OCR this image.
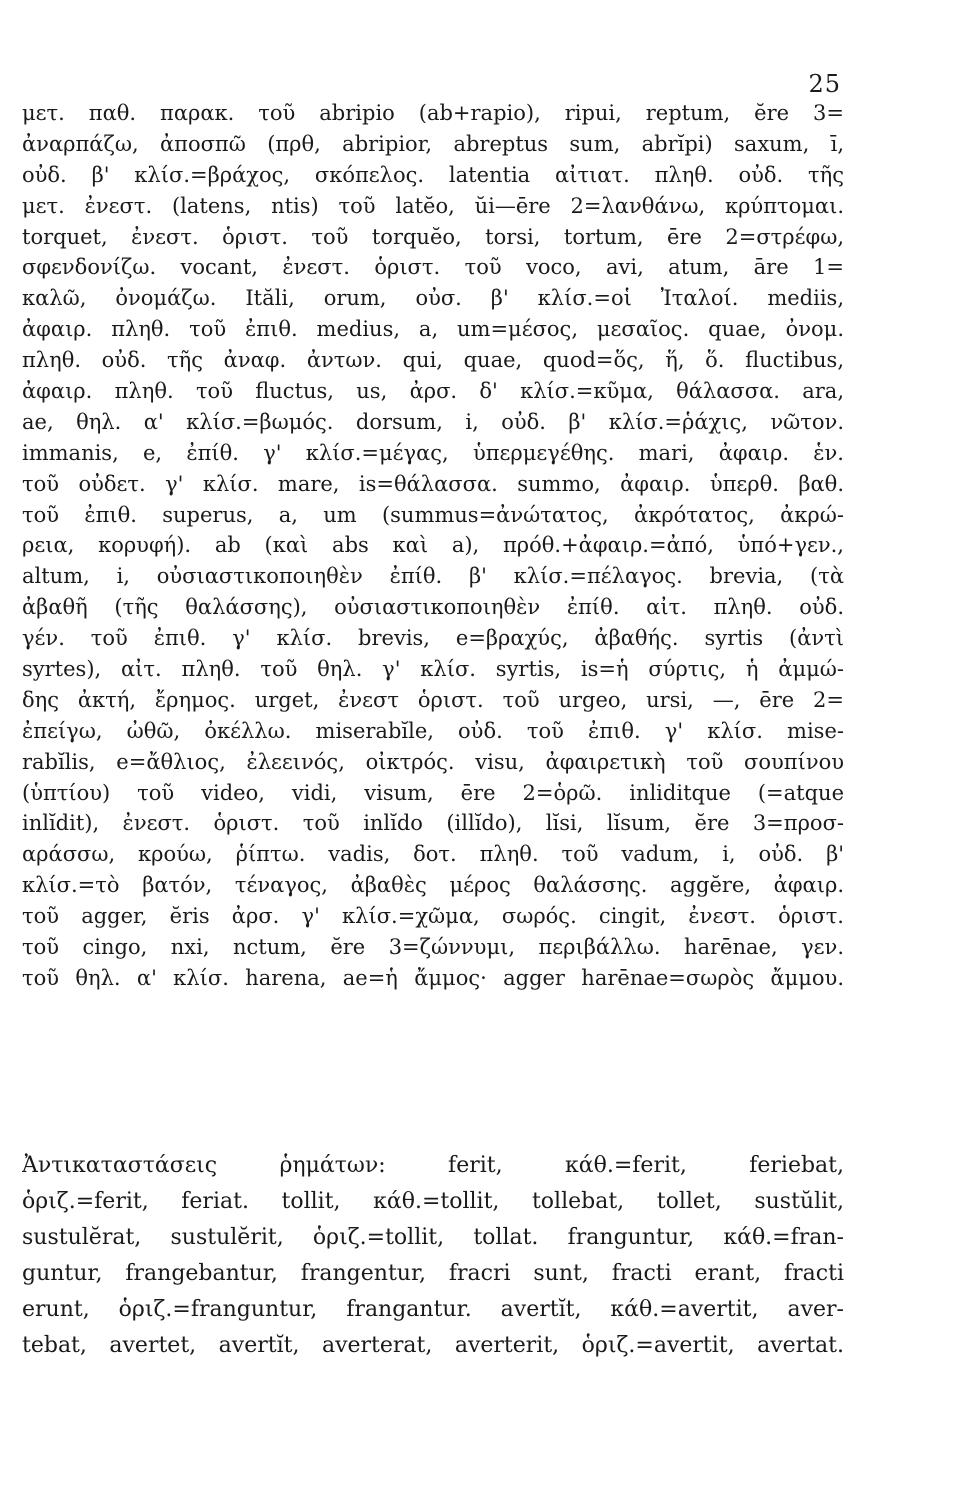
25
μετ. παθ. παρακ. τοῦ abripio (ab+rapio), ripui, reptum, ĕre 3=
ἀναρπάζω, ἀποσπῶ (πρθ, abripior, abreptus sum, abrĭpi) saxum, ī,
οὐδ. β' κλίσ.=βράχος, σκόπελος. latentia αἰτιατ. πληθ. οὐδ. τῆς
μετ. ἐνεστ. (latens, ntis) τοῦ latĕo, ŭi—ēre 2=λανθάνω, κρύπτομαι.
torquet, ἐνεστ. ὁριστ. τοῦ torquĕo, torsi, tortum, ēre 2=στρέφω,
σφενδονίζω. vocant, ἐνεστ. ὁριστ. τοῦ voco, avi, atum, āre 1=
καλῶ, ὀνομάζω. Ităli, orum, οὐσ. β' κλίσ.=οἱ Ἰταλοί. mediis,
ἀφαιρ. πληθ. τοῦ ἐπιθ. medius, a, um=μέσος, μεσαῖος. quae, ὀνομ.
πληθ. οὐδ. τῆς ἀναφ. ἀντων. qui, quae, quod=ὅς, ἥ, ὅ. fluctibus,
ἀφαιρ. πληθ. τοῦ fluctus, us, ἀρσ. δ' κλίσ.=κῦμα, θάλασσα. ara,
ae, θηλ. α' κλίσ.=βωμός. dorsum, i, οὐδ. β' κλίσ.=ῥάχις, νῶτον.
immanis, e, ἐπίθ. γ' κλίσ.=μέγας, ὑπερμεγέθης. mari, ἀφαιρ. ἑν.
τοῦ οὐδετ. γ' κλίσ. mare, is=θάλασσα. summo, ἀφαιρ. ὑπερθ. βαθ.
τοῦ ἐπιθ. superus, a, um (summus=ἀνώτατος, ἀκρότατος, ἀκρώ-
ρεια, κορυφή). ab (καὶ abs καὶ a), πρόθ.+ἀφαιρ.=ἀπό, ὑπό+γεν.,
altum, i, οὐσιαστικοποιηθὲν ἐπίθ. β' κλίσ.=πέλαγος. brevia, (τὰ
ἀβαθῆ (τῆς θαλάσσης), οὐσιαστικοποιηθὲν ἐπίθ. αἰτ. πληθ. οὐδ.
γέν. τοῦ ἐπιθ. γ' κλίσ. brevis, e=βραχύς, ἀβαθής. syrtis (ἀντὶ
syrtes), αἰτ. πληθ. τοῦ θηλ. γ' κλίσ. syrtis, is=ἡ σύρτις, ἡ ἀμμώ-
δης ἀκτή, ἔρημος. urget, ἐνεστ ὁριστ. τοῦ urgeo, ursi, —, ēre 2=
ἐπείγω, ὠθῶ, ὀκέλλω. miserabĭle, οὐδ. τοῦ ἐπιθ. γ' κλίσ. mise-
rabĭlis, e=ἄθλιος, ἐλεεινός, οἰκτρός. visu, ἀφαιρετικὴ τοῦ σουπίνου
(ὑπτίου) τοῦ video, vidi, visum, ēre 2=ὁρῶ. inliditque (=atque
inlĭdit), ἐνεστ. ὁριστ. τοῦ inlĭdo (illĭdo), lĭsi, lĭsum, ĕre 3=προσ-
αράσσω, κρούω, ῥίπτω. vadis, δοτ. πληθ. τοῦ vadum, i, οὐδ. β'
κλίσ.=τὸ βατόν, τέναγος, ἀβαθὲς μέρος θαλάσσης. aggĕre, ἀφαιρ.
τοῦ agger, ĕris ἀρσ. γ' κλίσ.=χῶμα, σωρός. cingit, ἐνεστ. ὁριστ.
τοῦ cingo, nxi, nctum, ĕre 3=ζώννυμι, περιβάλλω. harēnae, γεν.
τοῦ θηλ. α' κλίσ. harena, ae=ἡ ἄμμος· agger harēnae=σωρὸς ἄμμου.
Ἀντικαταστάσεις ῥημάτων: ferit, κάθ.=ferit, feriebat,
ὁριζ.=ferit, feriat. tollit, κάθ.=tollit, tollebat, tollet, sustŭlit,
sustulĕrat, sustulĕrit, ὁριζ.=tollit, tollat. franguntur, κάθ.=fran-
guntur, frangebantur, frangentur, fracri sunt, fracti erant, fracti
erunt, ὁριζ.=franguntur, frangantur. avertĭt, κάθ.=avertit, aver-
tebat, avertet, avertĭt, averterat, averterit, ὁριζ.=avertit, avertat.
